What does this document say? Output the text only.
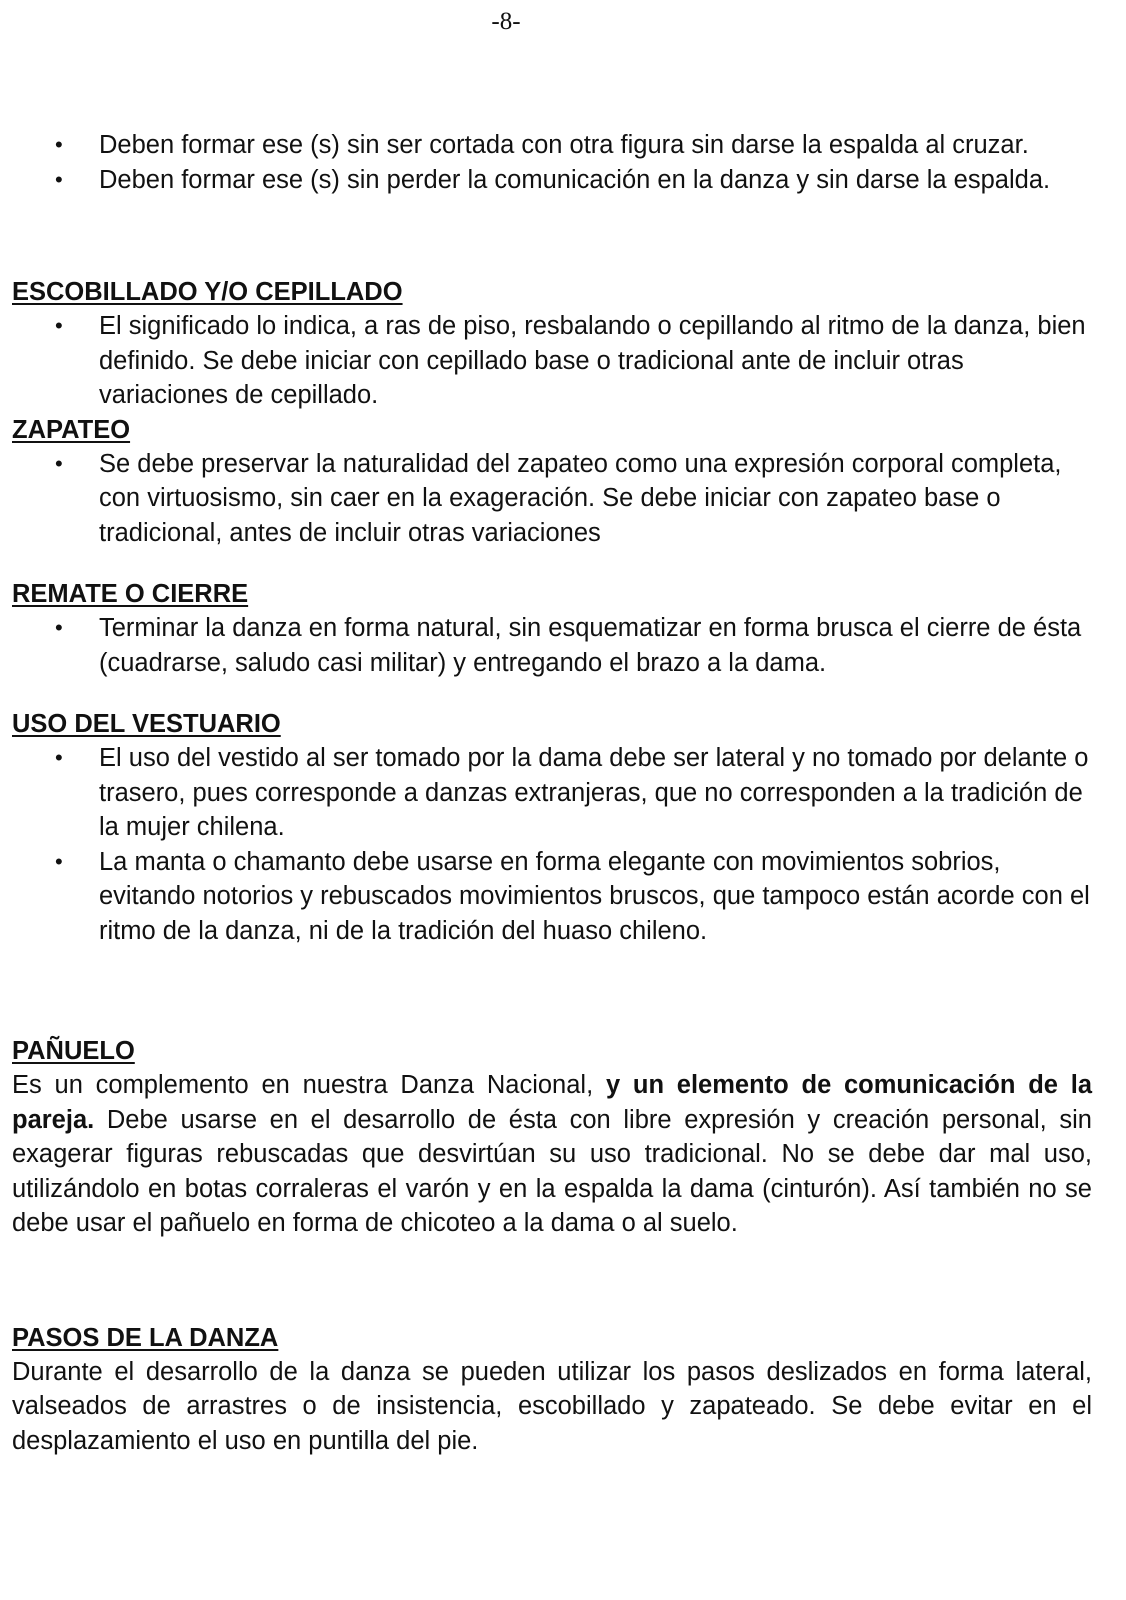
-8-
• Deben formar ese (s) sin ser cortada con otra figura sin darse la espalda al cruzar.
• Deben formar ese (s) sin perder la comunicación en la danza y sin darse la espalda.
ESCOBILLADO Y/O CEPILLADO
• El significado lo indica, a ras de piso, resbalando o cepillando al ritmo de la danza, bien definido. Se debe iniciar con cepillado base o tradicional ante de incluir otras variaciones de cepillado.
ZAPATEO
• Se debe preservar la naturalidad del zapateo como una expresión corporal completa, con virtuosismo, sin caer en la exageración. Se debe iniciar con zapateo base o tradicional, antes de incluir otras variaciones
REMATE O CIERRE
• Terminar la danza en forma natural, sin esquematizar en forma brusca el cierre de ésta (cuadrarse, saludo casi militar) y entregando el brazo a la dama.
USO DEL VESTUARIO
• El uso del vestido al ser tomado por la dama debe ser lateral y no tomado por delante o trasero, pues corresponde a danzas extranjeras, que no corresponden a la tradición de la mujer chilena.
• La manta o chamanto debe usarse en forma elegante con movimientos sobrios, evitando notorios y rebuscados movimientos bruscos, que tampoco están acorde con el ritmo de la danza, ni de la tradición del huaso chileno.
PAÑUELO

Es un complemento en nuestra Danza Nacional, y un elemento de comunicación de la pareja. Debe usarse en el desarrollo de ésta con libre expresión y creación personal, sin exagerar figuras rebuscadas que desvirtúan su uso tradicional. No se debe dar mal uso, utilizándolo en botas corraleras el varón y en la espalda la dama (cinturón). Así también no se debe usar el pañuelo en forma de chicoteo a la dama o al suelo.

PASOS DE LA DANZA

Durante el desarrollo de la danza se pueden utilizar los pasos deslizados en forma lateral, valseados de arrastres o de insistencia, escobillado y zapateado. Se debe evitar en el desplazamiento el uso en puntilla del pie.
